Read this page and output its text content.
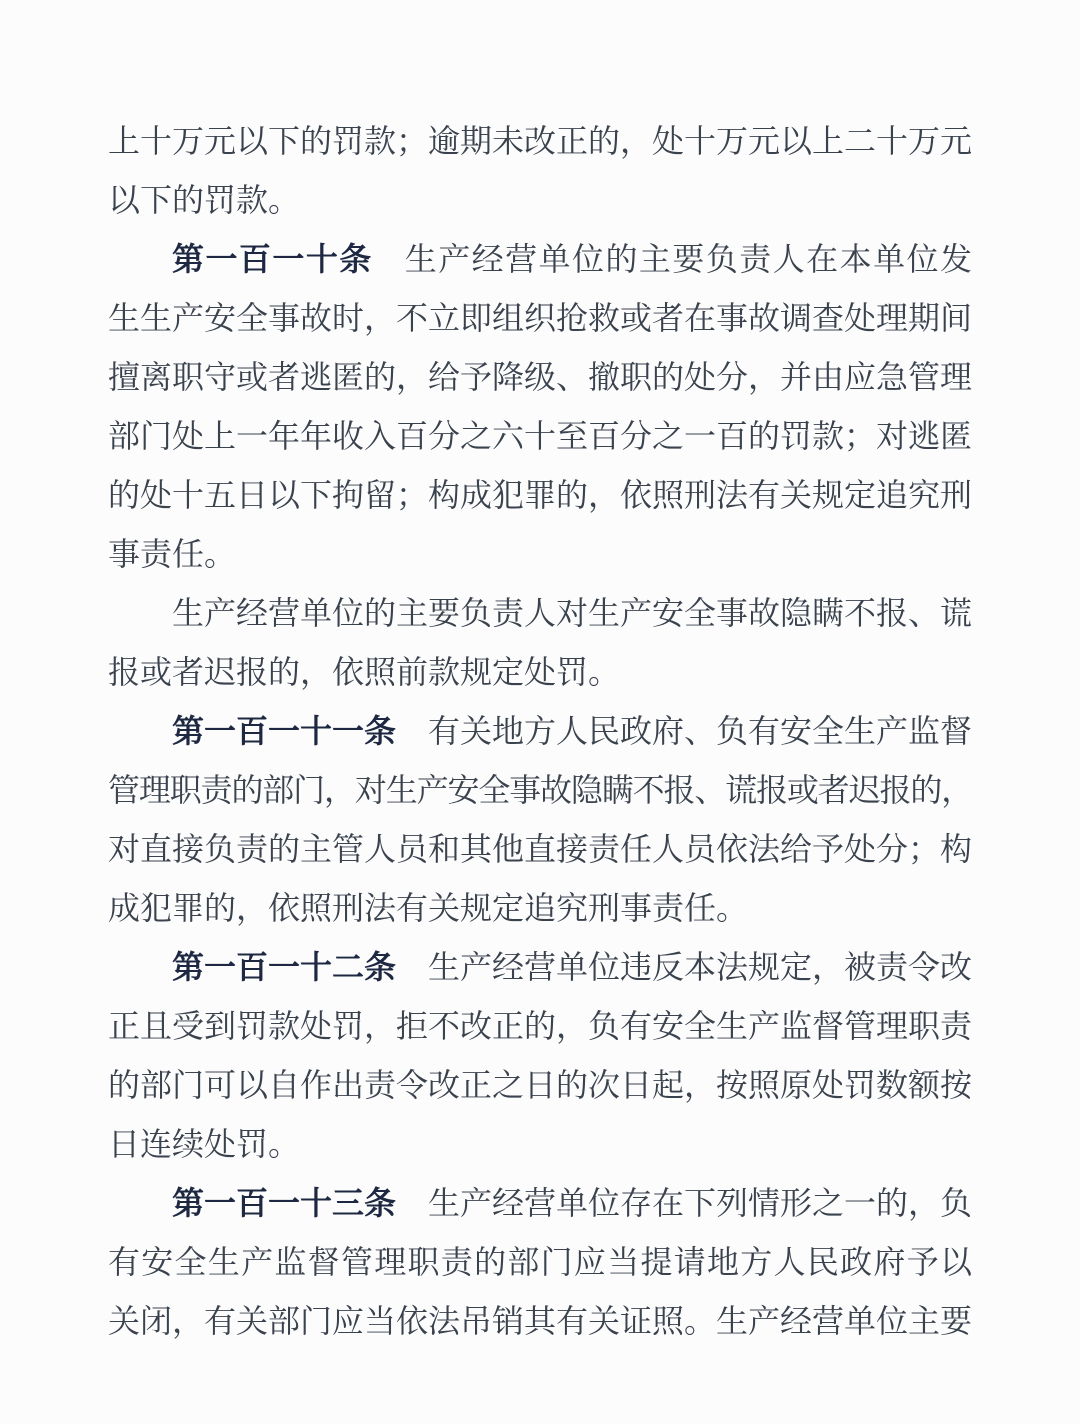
上十万元以下的罚款；逾期未改正的，处十万元以上二十万元
以下的罚款。
第一百一十条 生产经营单位的主要负责人在本单位发
生生产安全事故时，不立即组织抢救或者在事故调查处理期间
擅离职守或者逃匿的，给予降级、撤职的处分，并由应急管理
部门处上一年年收入百分之六十至百分之一百的罚款；对逃匿
的处十五日以下拘留；构成犯罪的，依照刑法有关规定追究刑
事责任。
生产经营单位的主要负责人对生产安全事故隐瞒不报、谎
报或者迟报的，依照前款规定处罚。
第一百一十一条 有关地方人民政府、负有安全生产监督
管理职责的部门，对生产安全事故隐瞒不报、谎报或者迟报的，
对直接负责的主管人员和其他直接责任人员依法给予处分；构
成犯罪的，依照刑法有关规定追究刑事责任。
第一百一十二条 生产经营单位违反本法规定，被责令改
正且受到罚款处罚，拒不改正的，负有安全生产监督管理职责
的部门可以自作出责令改正之日的次日起，按照原处罚数额按
日连续处罚。
第一百一十三条 生产经营单位存在下列情形之一的，负
有安全生产监督管理职责的部门应当提请地方人民政府予以
关闭，有关部门应当依法吊销其有关证照。生产经营单位主要
